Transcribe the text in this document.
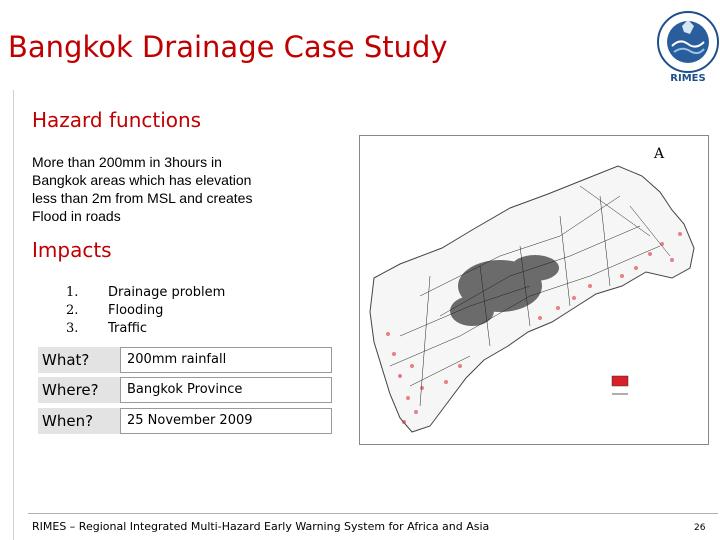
Bangkok Drainage Case Study
RIMES
Hazard functions
More than 200mm in 3hours in
Bangkok areas which has elevation
less than 2m from MSL and creates
Flood in roads
Impacts
1.
2.
3.
Drainage problem
Flooding
Traffic
What?	200mm rainfall
Where?	Bangkok Province
When?	25 November 2009
A
RIMES – Regional Integrated Multi-Hazard Early Warning System for Africa and Asia	26
